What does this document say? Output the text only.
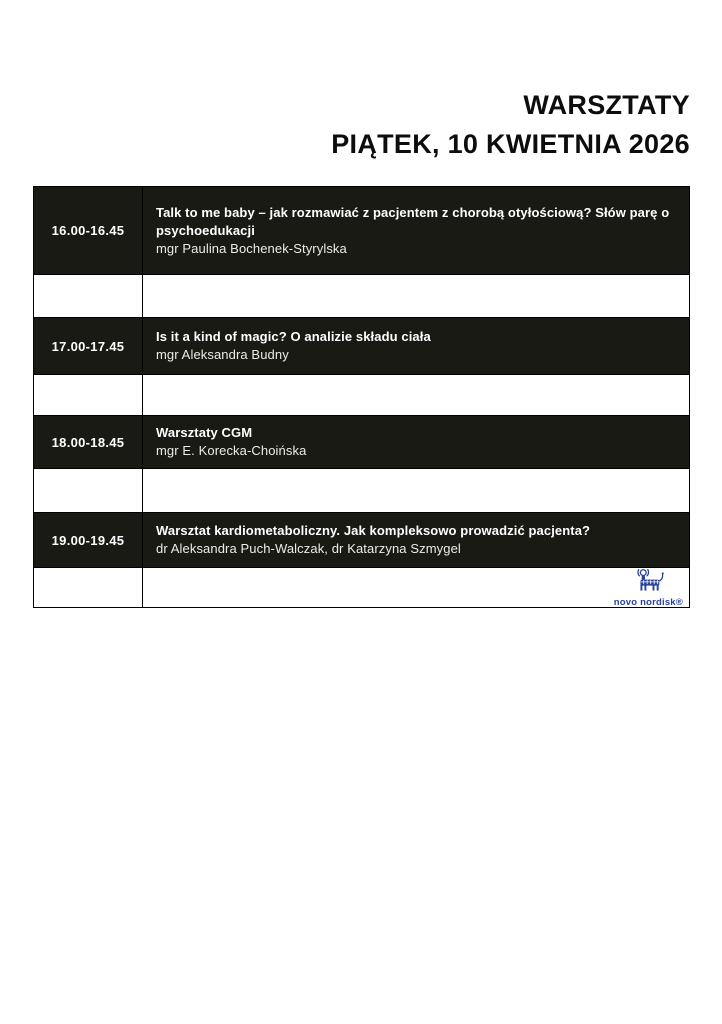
WARSZTATY
PIĄTEK, 10 KWIETNIA 2026
16.00-16.45
Talk to me baby – jak rozmawiać z pacjentem z chorobą otyłościową? Słów parę o psychoedukacji
mgr Paulina Bochenek-Styrylska
17.00-17.45
Is it a kind of magic? O analizie składu ciała
mgr Aleksandra Budny
18.00-18.45
Warsztaty CGM
mgr E. Korecka-Choińska
19.00-19.45
Warsztat kardiometaboliczny. Jak kompleksowo prowadzić pacjenta?
dr Aleksandra Puch-Walczak, dr Katarzyna Szmygel
novo nordisk®
